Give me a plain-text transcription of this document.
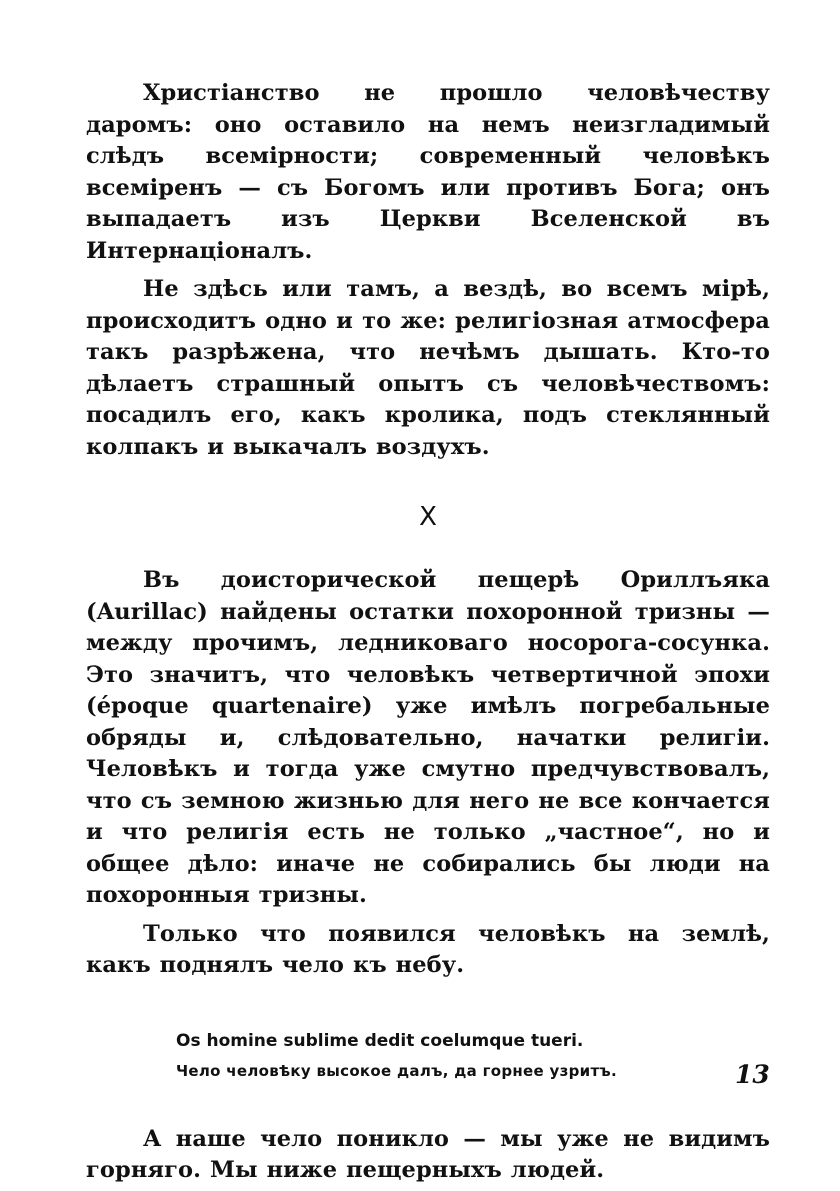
Христіанство не прошло человѣчеству даромъ: оно оставило на немъ неизгладимый слѣдъ всемірности; современный человѣкъ всеміренъ — съ Богомъ или противъ Бога; онъ выпадаетъ изъ Церкви Вселенской въ Интернаціоналъ.

Не здѣсь или тамъ, а вездѣ, во всемъ мірѣ, происходитъ одно и то же: религіозная атмосфера такъ разрѣжена, что нечѣмъ дышать. Кто-то дѣлаетъ страшный опытъ съ человѣчествомъ: посадилъ его, какъ кролика, подъ стеклянный колпакъ и выкачалъ воздухъ.

X

Въ доисторической пещерѣ Ориллъяка (Aurillac) найдены остатки похоронной тризны — между прочимъ, ледниковаго носорога-сосунка. Это значитъ, что человѣкъ четвертичной эпохи (époque quartenaire) уже имѣлъ погребальные обряды и, слѣдовательно, начатки религіи. Человѣкъ и тогда уже смутно предчувствовалъ, что съ земною жизнью для него не все кончается и что религія есть не только „частное“, но и общее дѣло: иначе не собирались бы люди на похоронныя тризны.

Только что появился человѣкъ на землѣ, какъ поднялъ чело къ небу.

Os homine sublime dedit coelumque tueri.
Чело человѣку высокое далъ, да горнее узритъ.

А наше чело поникло — мы уже не видимъ горняго. Мы ниже пещерныхъ людей.

13
